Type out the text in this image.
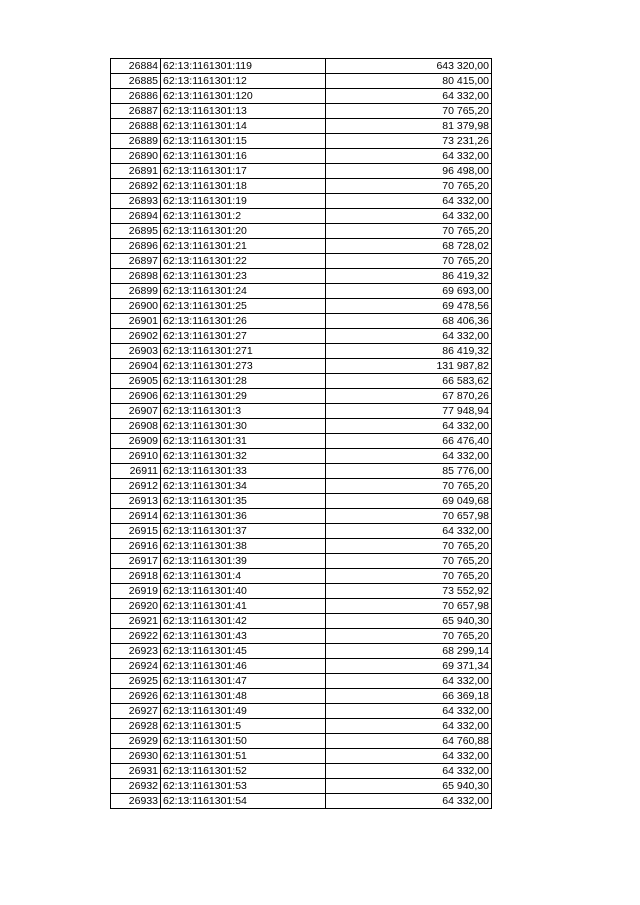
26884	62:13:1161301:119	643 320,00
26885	62:13:1161301:12	80 415,00
26886	62:13:1161301:120	64 332,00
26887	62:13:1161301:13	70 765,20
26888	62:13:1161301:14	81 379,98
26889	62:13:1161301:15	73 231,26
26890	62:13:1161301:16	64 332,00
26891	62:13:1161301:17	96 498,00
26892	62:13:1161301:18	70 765,20
26893	62:13:1161301:19	64 332,00
26894	62:13:1161301:2	64 332,00
26895	62:13:1161301:20	70 765,20
26896	62:13:1161301:21	68 728,02
26897	62:13:1161301:22	70 765,20
26898	62:13:1161301:23	86 419,32
26899	62:13:1161301:24	69 693,00
26900	62:13:1161301:25	69 478,56
26901	62:13:1161301:26	68 406,36
26902	62:13:1161301:27	64 332,00
26903	62:13:1161301:271	86 419,32
26904	62:13:1161301:273	131 987,82
26905	62:13:1161301:28	66 583,62
26906	62:13:1161301:29	67 870,26
26907	62:13:1161301:3	77 948,94
26908	62:13:1161301:30	64 332,00
26909	62:13:1161301:31	66 476,40
26910	62:13:1161301:32	64 332,00
26911	62:13:1161301:33	85 776,00
26912	62:13:1161301:34	70 765,20
26913	62:13:1161301:35	69 049,68
26914	62:13:1161301:36	70 657,98
26915	62:13:1161301:37	64 332,00
26916	62:13:1161301:38	70 765,20
26917	62:13:1161301:39	70 765,20
26918	62:13:1161301:4	70 765,20
26919	62:13:1161301:40	73 552,92
26920	62:13:1161301:41	70 657,98
26921	62:13:1161301:42	65 940,30
26922	62:13:1161301:43	70 765,20
26923	62:13:1161301:45	68 299,14
26924	62:13:1161301:46	69 371,34
26925	62:13:1161301:47	64 332,00
26926	62:13:1161301:48	66 369,18
26927	62:13:1161301:49	64 332,00
26928	62:13:1161301:5	64 332,00
26929	62:13:1161301:50	64 760,88
26930	62:13:1161301:51	64 332,00
26931	62:13:1161301:52	64 332,00
26932	62:13:1161301:53	65 940,30
26933	62:13:1161301:54	64 332,00
